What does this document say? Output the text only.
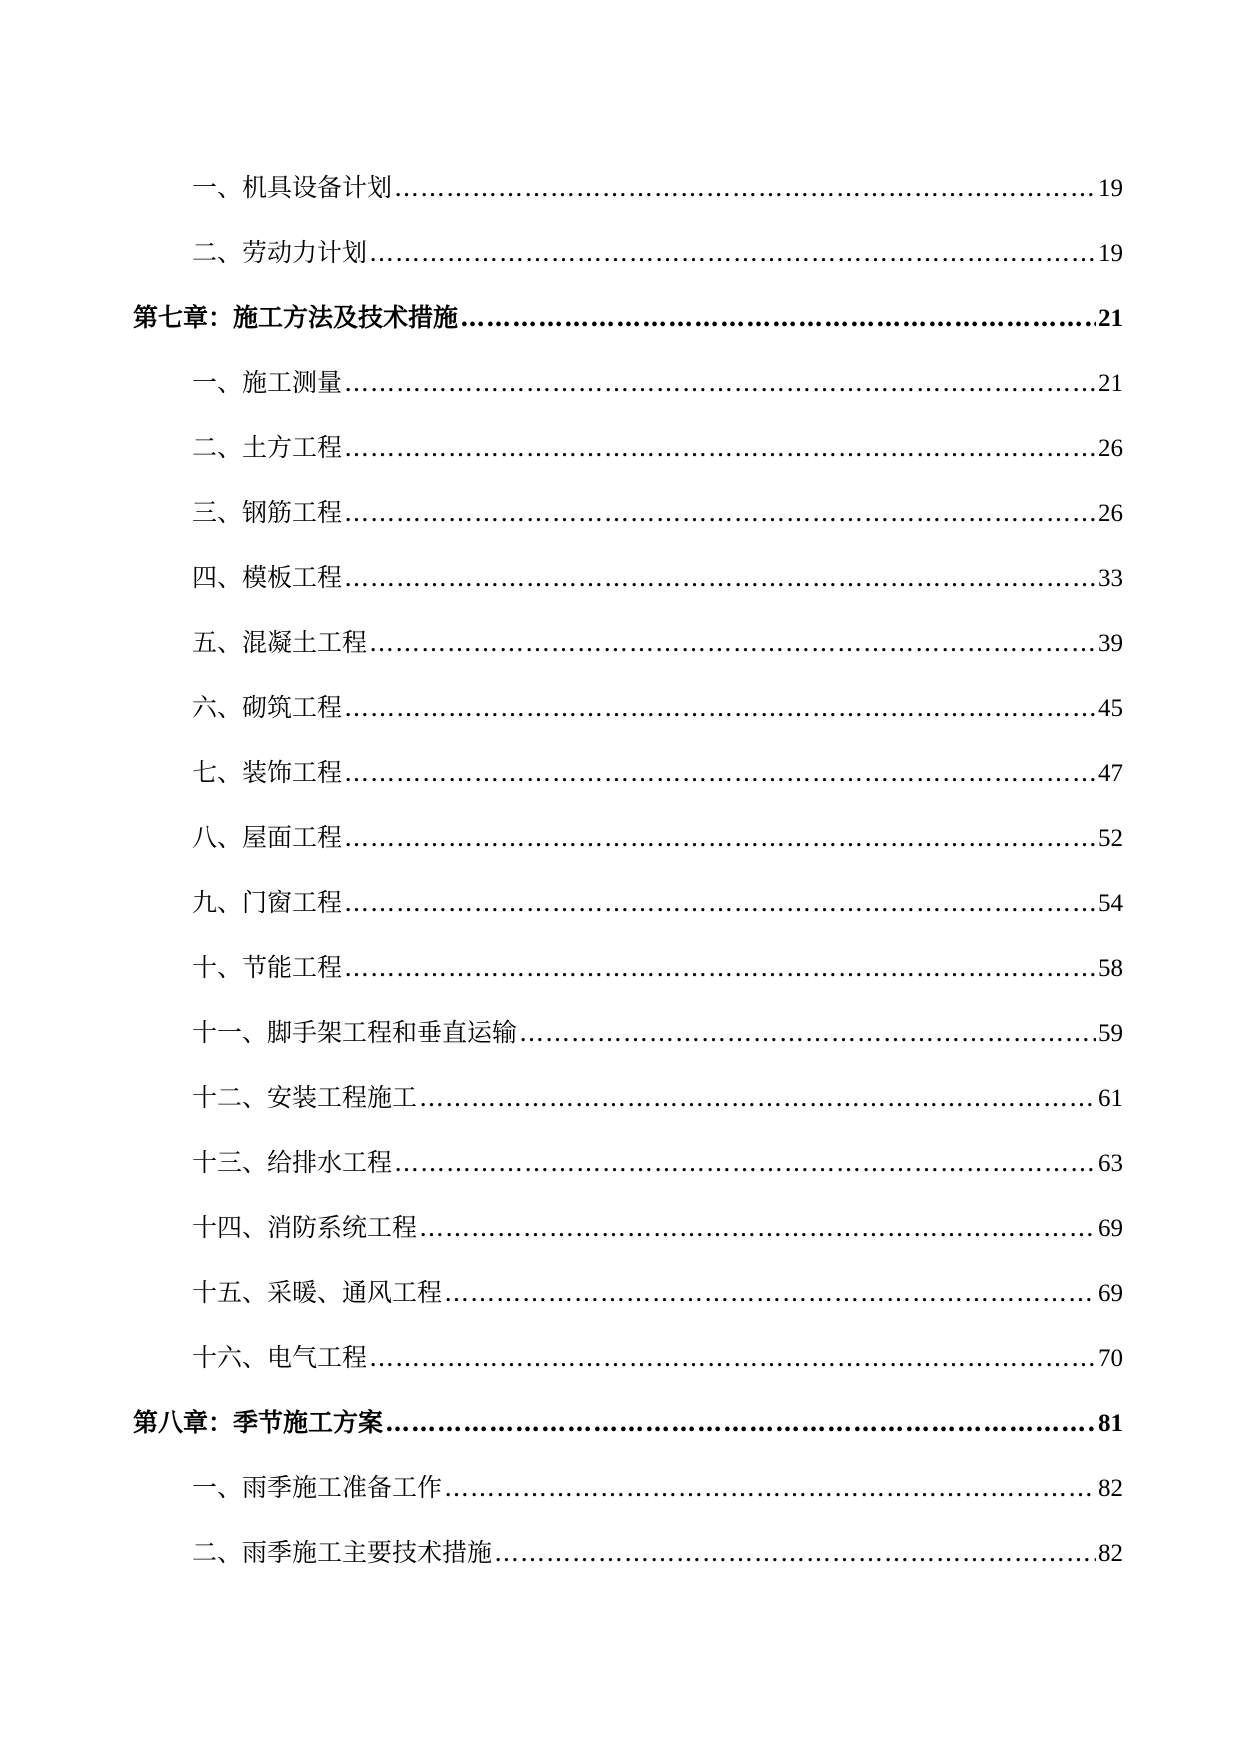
一、机具设备计划 ………………………………………………………………………………………………………………………………………………………………………………………………	19
二、劳动力计划 ………………………………………………………………………………………………………………………………………………………………………………………………	19
第七章：施工方法及技术措施 ………………………………………………………………………………………………………………………………………………………………………………………………	21
一、施工测量 ………………………………………………………………………………………………………………………………………………………………………………………………	21
二、土方工程 ………………………………………………………………………………………………………………………………………………………………………………………………	26
三、钢筋工程 ………………………………………………………………………………………………………………………………………………………………………………………………	26
四、模板工程 ………………………………………………………………………………………………………………………………………………………………………………………………	33
五、混凝土工程 ………………………………………………………………………………………………………………………………………………………………………………………………	39
六、砌筑工程 ………………………………………………………………………………………………………………………………………………………………………………………………	45
七、装饰工程 ………………………………………………………………………………………………………………………………………………………………………………………………	47
八、屋面工程 ………………………………………………………………………………………………………………………………………………………………………………………………	52
九、门窗工程 ………………………………………………………………………………………………………………………………………………………………………………………………	54
十、节能工程 ………………………………………………………………………………………………………………………………………………………………………………………………	58
十一、脚手架工程和垂直运输 ………………………………………………………………………………………………………………………………………………………………………………………………	59
十二、安装工程施工 ………………………………………………………………………………………………………………………………………………………………………………………………	61
十三、给排水工程 ………………………………………………………………………………………………………………………………………………………………………………………………	63
十四、消防系统工程 ………………………………………………………………………………………………………………………………………………………………………………………………	69
十五、采暖、通风工程 ………………………………………………………………………………………………………………………………………………………………………………………………	69
十六、电气工程 ………………………………………………………………………………………………………………………………………………………………………………………………	70
第八章：季节施工方案 ………………………………………………………………………………………………………………………………………………………………………………………………	81
一、雨季施工准备工作 ………………………………………………………………………………………………………………………………………………………………………………………………	82
二、雨季施工主要技术措施 ………………………………………………………………………………………………………………………………………………………………………………………………	82
